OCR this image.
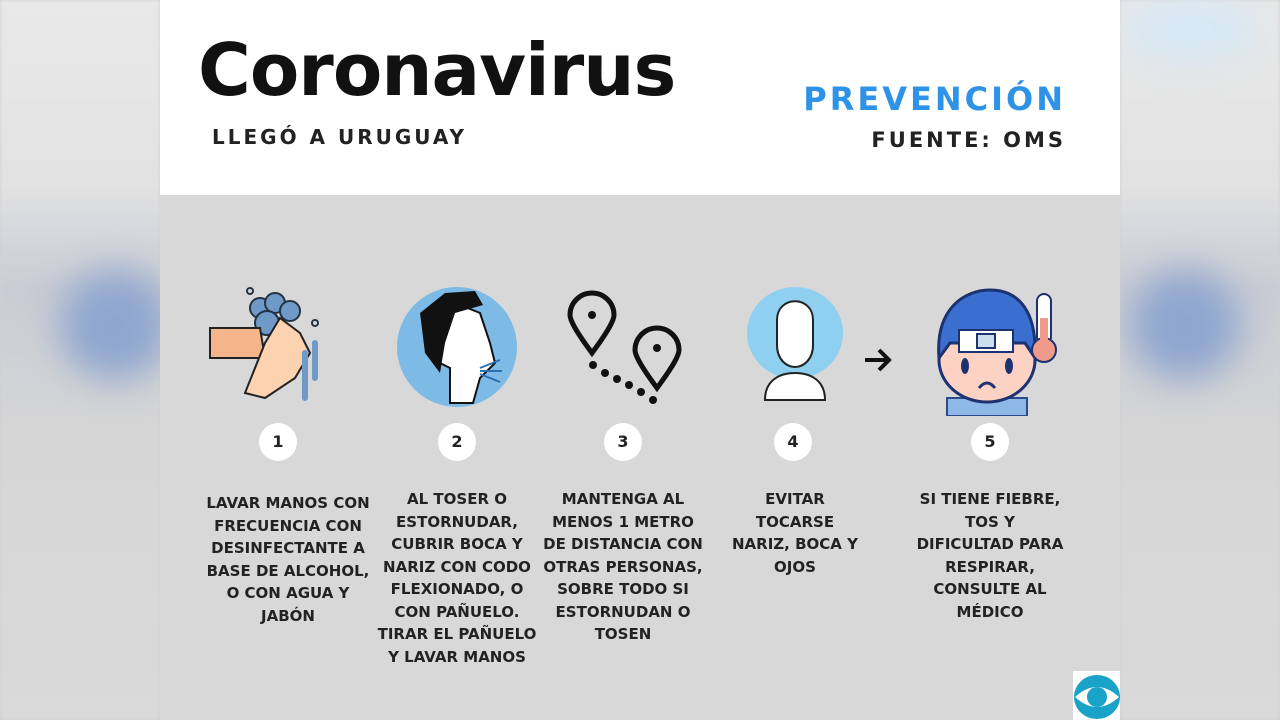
Coronavirus
LLEGÓ A URUGUAY
PREVENCIÓN
FUENTE: OMS
1	2	3	4	5
LAVAR MANOS CON FRECUENCIA CON DESINFECTANTE A BASE DE ALCOHOL, O CON AGUA Y JABÓN
AL TOSER O ESTORNUDAR, CUBRIR BOCA Y NARIZ CON CODO FLEXIONADO, O CON PAÑUELO. TIRAR EL PAÑUELO Y LAVAR MANOS
MANTENGA AL MENOS 1 METRO DE DISTANCIA CON OTRAS PERSONAS, SOBRE TODO SI ESTORNUDAN O TOSEN
EVITAR TOCARSE NARIZ, BOCA Y OJOS
SI TIENE FIEBRE, TOS Y DIFICULTAD PARA RESPIRAR, CONSULTE AL MÉDICO
